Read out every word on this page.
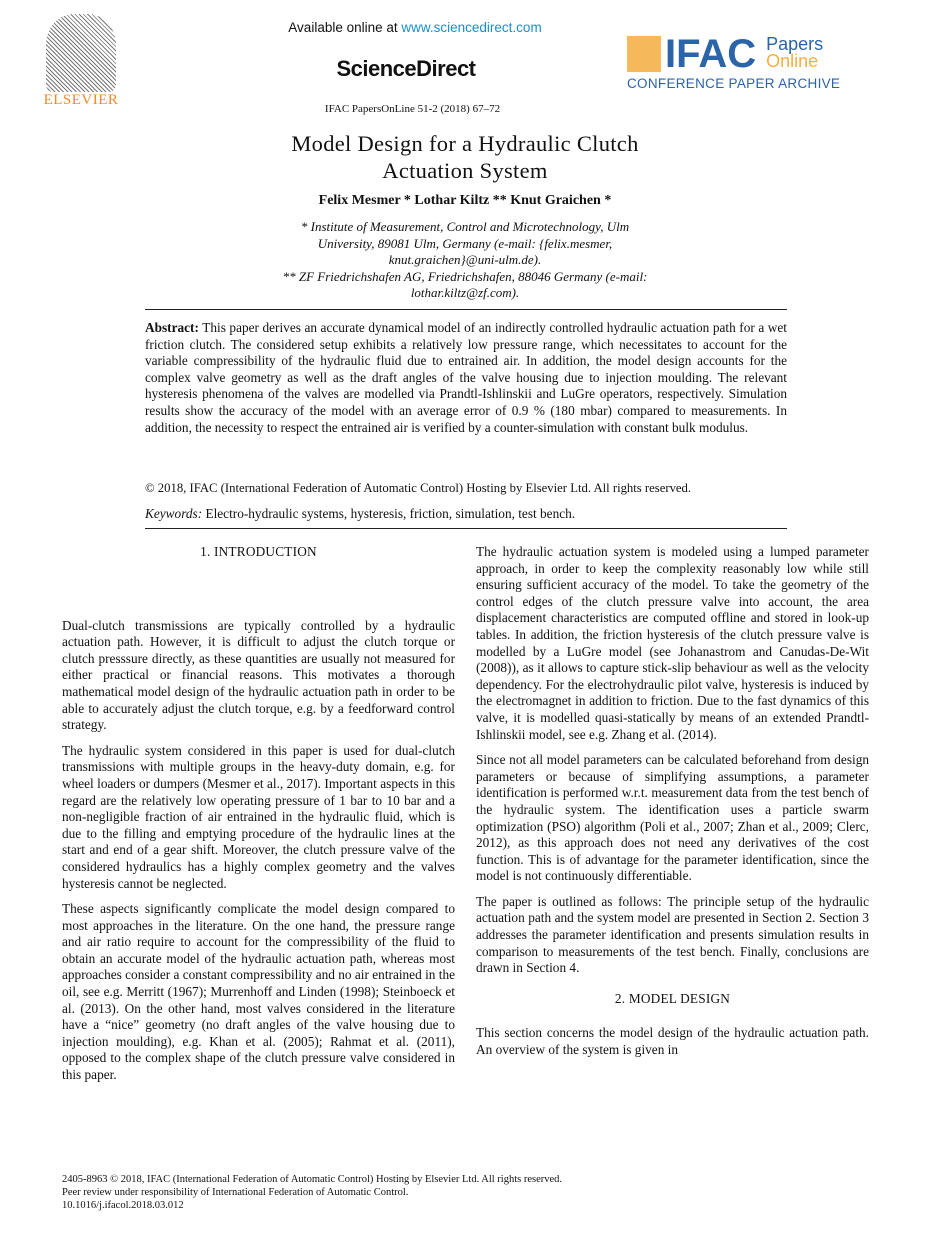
ELSEVIER
Available online at www.sciencedirect.com
ScienceDirect
IFAC PapersOnLine 51-2 (2018) 67–72
IFAC Papers
Online
CONFERENCE PAPER ARCHIVE
Model Design for a Hydraulic Clutch
Actuation System
Felix Mesmer * Lothar Kiltz ** Knut Graichen *
* Institute of Measurement, Control and Microtechnology, Ulm
University, 89081 Ulm, Germany (e-mail: {felix.mesmer,
knut.graichen}@uni-ulm.de).
** ZF Friedrichshafen AG, Friedrichshafen, 88046 Germany (e-mail:
lothar.kiltz@zf.com).
Abstract: This paper derives an accurate dynamical model of an indirectly controlled hydraulic actuation path for a wet friction clutch. The considered setup exhibits a relatively low pressure range, which necessitates to account for the variable compressibility of the hydraulic fluid due to entrained air. In addition, the model design accounts for the complex valve geometry as well as the draft angles of the valve housing due to injection moulding. The relevant hysteresis phenomena of the valves are modelled via Prandtl-Ishlinskii and LuGre operators, respectively. Simulation results show the accuracy of the model with an average error of 0.9 % (180 mbar) compared to measurements. In addition, the necessity to respect the entrained air is verified by a counter-simulation with constant bulk modulus.
© 2018, IFAC (International Federation of Automatic Control) Hosting by Elsevier Ltd. All rights reserved.
Keywords: Electro-hydraulic systems, hysteresis, friction, simulation, test bench.
1. INTRODUCTION

Dual-clutch transmissions are typically controlled by a hydraulic actuation path. However, it is difficult to adjust the clutch torque or clutch presssure directly, as these quantities are usually not measured for either practical or financial reasons. This motivates a thorough mathematical model design of the hydraulic actuation path in order to be able to accurately adjust the clutch torque, e.g. by a feedforward control strategy.

The hydraulic system considered in this paper is used for dual-clutch transmissions with multiple groups in the heavy-duty domain, e.g. for wheel loaders or dumpers (Mesmer et al., 2017). Important aspects in this regard are the relatively low operating pressure of 1 bar to 10 bar and a non-negligible fraction of air entrained in the hydraulic fluid, which is due to the filling and emptying procedure of the hydraulic lines at the start and end of a gear shift. Moreover, the clutch pressure valve of the considered hydraulics has a highly complex geometry and the valves hysteresis cannot be neglected.

These aspects significantly complicate the model design compared to most approaches in the literature. On the one hand, the pressure range and air ratio require to account for the compressibility of the fluid to obtain an accurate model of the hydraulic actuation path, whereas most approaches consider a constant compressibility and no air entrained in the oil, see e.g. Merritt (1967); Murrenhoff and Linden (1998); Steinboeck et al. (2013). On the other hand, most valves considered in the literature have a “nice” geometry (no draft angles of the valve housing due to injection moulding), e.g. Khan et al. (2005); Rahmat et al. (2011), opposed to the complex shape of the clutch pressure valve considered in this paper.

The hydraulic actuation system is modeled using a lumped parameter approach, in order to keep the complexity reasonably low while still ensuring sufficient accuracy of the model. To take the geometry of the control edges of the clutch pressure valve into account, the area displacement characteristics are computed offline and stored in look-up tables. In addition, the friction hysteresis of the clutch pressure valve is modelled by a LuGre model (see Johanastrom and Canudas-De-Wit (2008)), as it allows to capture stick-slip behaviour as well as the velocity dependency. For the electrohydraulic pilot valve, hysteresis is induced by the electromagnet in addition to friction. Due to the fast dynamics of this valve, it is modelled quasi-statically by means of an extended Prandtl-Ishlinskii model, see e.g. Zhang et al. (2014).

Since not all model parameters can be calculated beforehand from design parameters or because of simplifying assumptions, a parameter identification is performed w.r.t. measurement data from the test bench of the hydraulic system. The identification uses a particle swarm optimization (PSO) algorithm (Poli et al., 2007; Zhan et al., 2009; Clerc, 2012), as this approach does not need any derivatives of the cost function. This is of advantage for the parameter identification, since the model is not continuously differentiable.

The paper is outlined as follows: The principle setup of the hydraulic actuation path and the system model are presented in Section 2. Section 3 addresses the parameter identification and presents simulation results in comparison to measurements of the test bench. Finally, conclusions are drawn in Section 4.

2. MODEL DESIGN

This section concerns the model design of the hydraulic actuation path. An overview of the system is given in

2405-8963 © 2018, IFAC (International Federation of Automatic Control) Hosting by Elsevier Ltd. All rights reserved.
Peer review under responsibility of International Federation of Automatic Control.
10.1016/j.ifacol.2018.03.012
